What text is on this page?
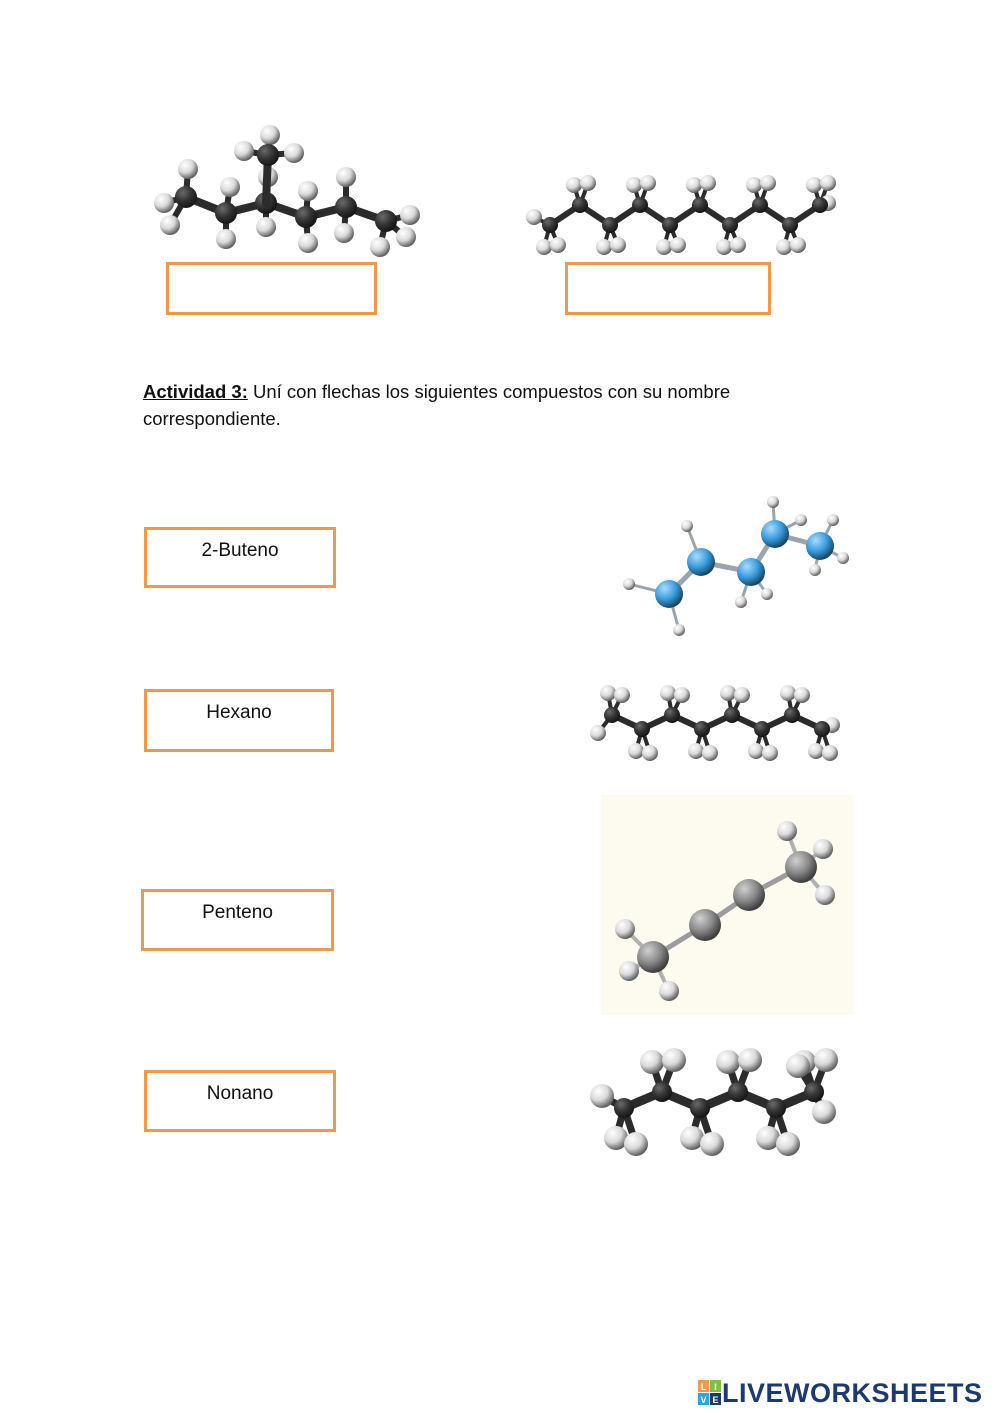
Actividad 3: Uní con flechas los siguientes compuestos con su nombre correspondiente.
2-Buteno
Hexano
Penteno
Nonano
L I
V E LIVEWORKSHEETS
